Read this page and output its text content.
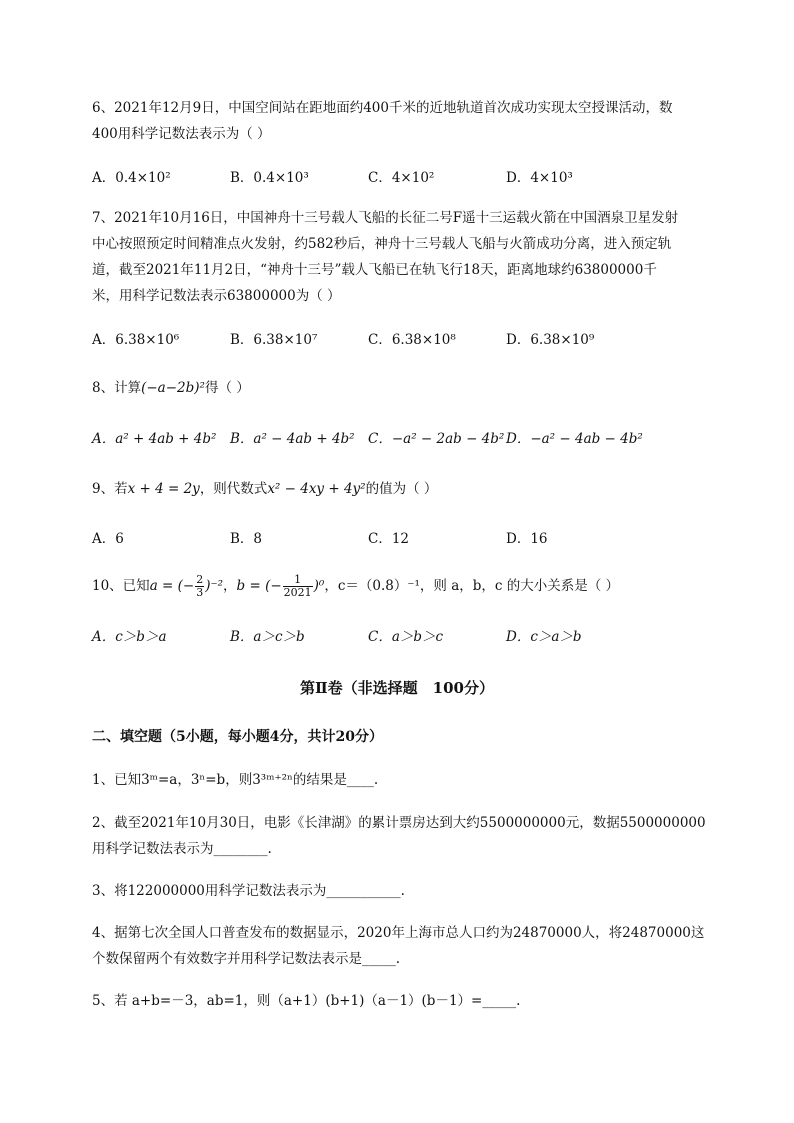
6、2021年12月9日，中国空间站在距地面约400千米的近地轨道首次成功实现太空授课活动，数
400用科学记数法表示为（ ）
A．0.4×10²	B．0.4×10³	C．4×10²	D．4×10³
7、2021年10月16日，中国神舟十三号载人飞船的长征二号F遥十三运载火箭在中国酒泉卫星发射
中心按照预定时间精准点火发射，约582秒后，神舟十三号载人飞船与火箭成功分离，进入预定轨
道，截至2021年11月2日，“神舟十三号”载人飞船已在轨飞行18天，距离地球约63800000千
米，用科学记数法表示63800000为（ ）
A．6.38×10⁶	B．6.38×10⁷	C．6.38×10⁸	D．6.38×10⁹
8、计算(−a−2b)²得（ ）
A．a² + 4ab + 4b² B．a² − 4ab + 4b² C．−a² − 2ab − 4b² D．−a² − 4ab − 4b²
9、若x + 4 = 2y，则代数式x² − 4xy + 4y²的值为（ ）
A．6	B．8	C．12	D．16
10、已知a = (− $\frac{2}{3} )^{-2}$，b = (− $\frac{1}{2021} )^0$，c＝（0.8）⁻¹，则 a，b，c 的大小关系是（ ）
A．c＞b＞a	B．a＞c＞b	C．a＞b＞c	D．c＞a＞b
第Ⅱ卷（非选择题　100分）
二、填空题（5小题，每小题4分，共计20分）
1、已知3ᵐ=a，3ⁿ=b，则3³ᵐ⁺²ⁿ的结果是____.
2、截至2021年10月30日，电影《长津湖》的累计票房达到大约5500000000元，数据5500000000
用科学记数法表示为________.
3、将122000000用科学记数法表示为___________.
4、据第七次全国人口普查发布的数据显示，2020年上海市总人口约为24870000人，将24870000这
个数保留两个有效数字并用科学记数法表示是_____.
5、若 a+b=－3，ab=1，则（a+1）(b+1)（a－1）(b－1）=_____.
